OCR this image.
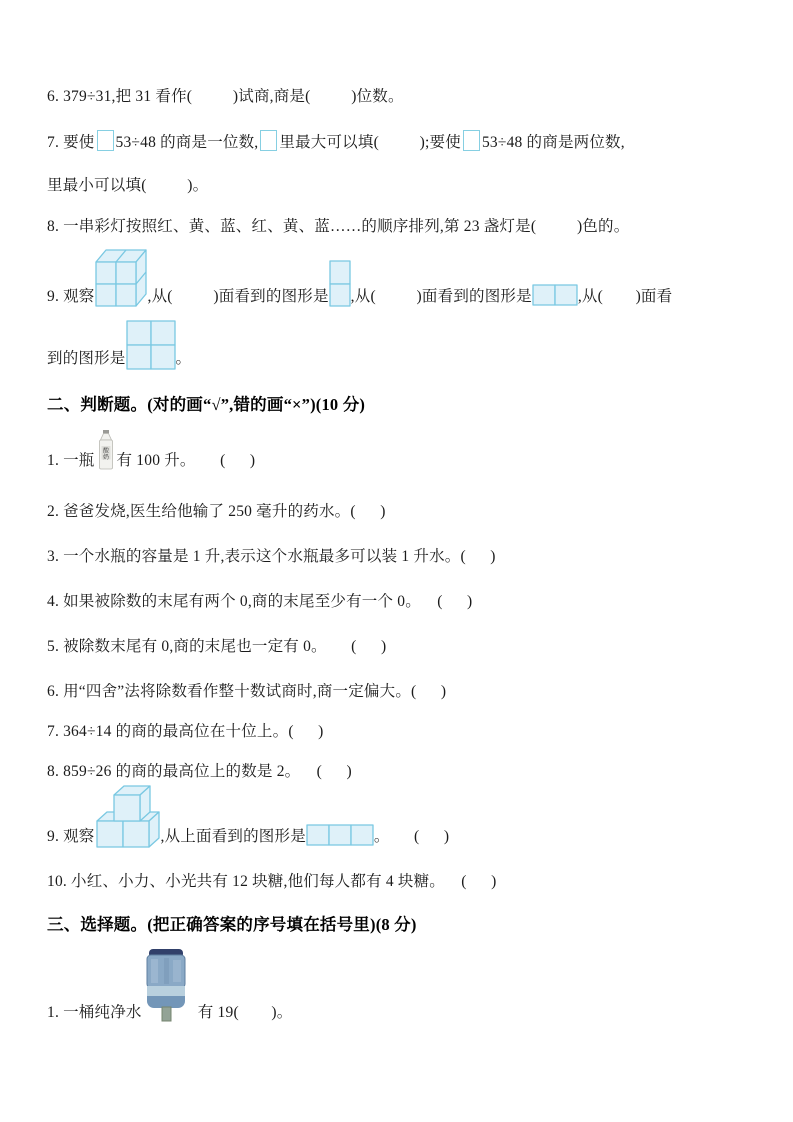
6. 379÷31,把 31 看作(          )试商,商是(          )位数。
7. 要使 53÷48 的商是一位数, 里最大可以填(          );要使 53÷48 的商是两位数,
里最小可以填(          )。
8. 一串彩灯按照红、黄、蓝、红、黄、蓝……的顺序排列,第 23 盏灯是(          )色的。
9. 观察	,从(          )面看到的图形是 ,从(          )面看到的图形是	,从(        )面看
到的图形是	。
二、判断题。(对的画“√”,错的画“×”)(10 分)
1. 一瓶
酸
奶 有 100 升。      (      )
2. 爸爸发烧,医生给他输了 250 毫升的药水。(      )
3. 一个水瓶的容量是 1 升,表示这个水瓶最多可以装 1 升水。(      )
4. 如果被除数的末尾有两个 0,商的末尾至少有一个 0。    (      )
5. 被除数末尾有 0,商的末尾也一定有 0。      (      )
6. 用“四舍”法将除数看作整十数试商时,商一定偏大。(      )
7. 364÷14 的商的最高位在十位上。(      )
8. 859÷26 的商的最高位上的数是 2。    (      )
9. 观察	,从上面看到的图形是	。      (      )
10. 小红、小力、小光共有 12 块糖,他们每人都有 4 块糖。    (      )
三、选择题。(把正确答案的序号填在括号里)(8 分)
1. 一桶纯净水	有 19(        )。
